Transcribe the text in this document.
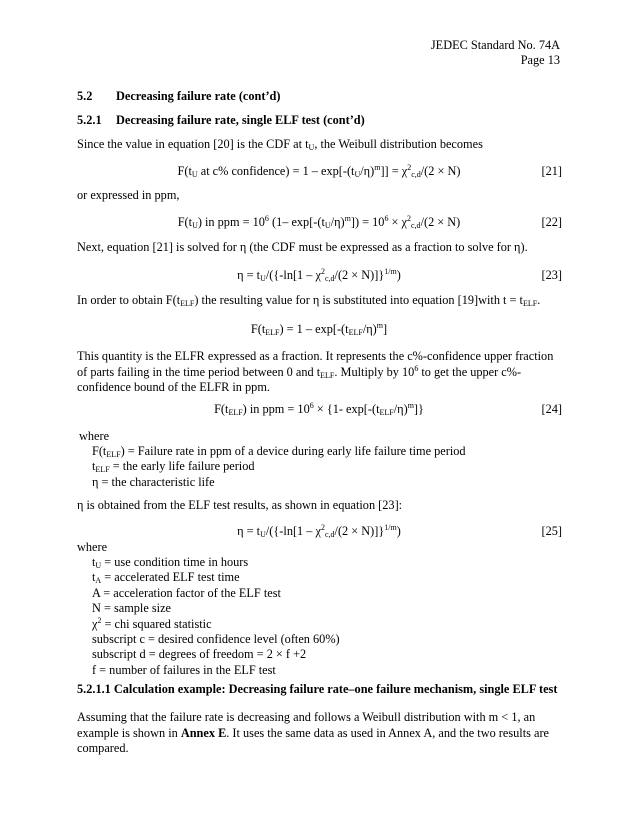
JEDEC Standard No. 74A
Page 13
5.2 Decreasing failure rate (cont’d)
5.2.1 Decreasing failure rate, single ELF test (cont’d)
Since the value in equation [20] is the CDF at $t_U$, the Weibull distribution becomes
$F(t_U$ at c% confidence) = $1 - \exp[-(t_U/\eta)^m]] = \chi^2_{c,d}/(2 \times N)$	[21]
or expressed in ppm,
$F(t_U)$ in ppm = $10^6$ (1– $\exp[-(t_U/\eta)^m]) = 10^6 \times \chi^2_{c,d}/(2 \times N)$	[22]
Next, equation [21] is solved for η (the CDF must be expressed as a fraction to solve for η).
$\eta = t_U/(\{-\ln[1 - \chi^2_{c,d}/(2 \times N)]\}^{1/m})$	[23]
In order to obtain $F(t_{ELF})$ the resulting value for η is substituted into equation [19]with $t = t_{ELF}$.
$F(t_{ELF}) = 1 - \exp[-(t_{ELF}/\eta)^m]$
This quantity is the ELFR expressed as a fraction. It represents the c%-confidence upper fraction of parts failing in the time period between 0 and $t_{ELF}$. Multiply by $10^6$ to get the upper c%-confidence bound of the ELFR in ppm.
$F(t_{ELF})$ in ppm = $10^6 \times \{1-$ $\exp[-(t_{ELF}/\eta)^m]$}	[24]
where
$F(t_{ELF})$ = Failure rate in ppm of a device during early life failure time period
$t_{ELF}$ = the early life failure period
η = the characteristic life
η is obtained from the ELF test results, as shown in equation [23]:
$\eta = t_U/(\{-\ln[1 - \chi^2_{c,d}/(2 \times N)]\}^{1/m})$	[25]
where
$t_U$ = use condition time in hours
$t_A$ = accelerated ELF test time
A = acceleration factor of the ELF test
N = sample size
$\chi^2$ = chi squared statistic
subscript c = desired confidence level (often 60%)
subscript d = degrees of freedom = 2 × f +2
f = number of failures in the ELF test
5.2.1.1 Calculation example: Decreasing failure rate–one failure mechanism, single ELF test
Assuming that the failure rate is decreasing and follows a Weibull distribution with m < 1, an example is shown in Annex E. It uses the same data as used in Annex A, and the two results are compared.
